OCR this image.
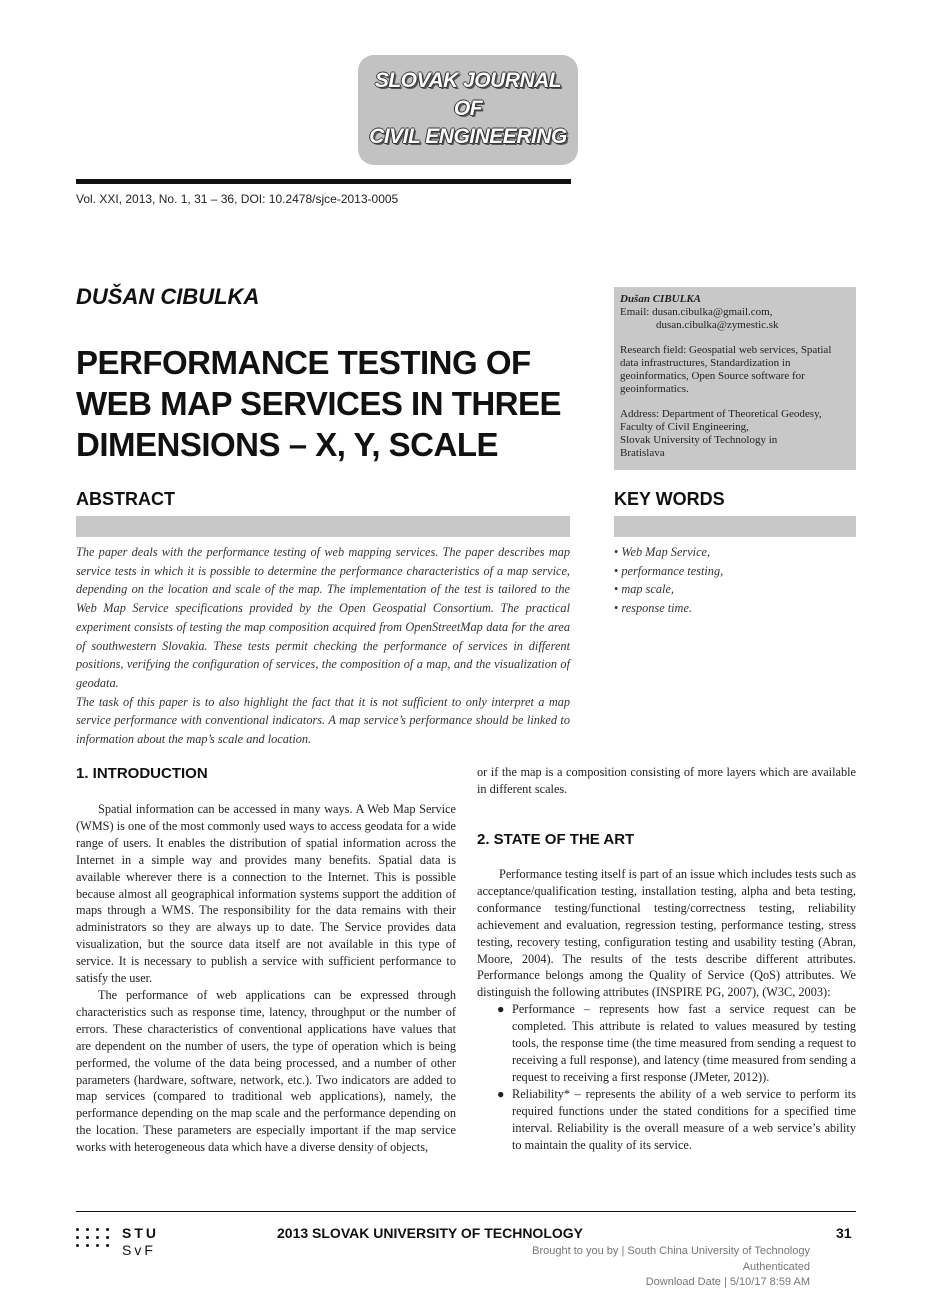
SLOVAK JOURNAL
OF
CIVIL ENGINEERING
Vol. XXI, 2013, No. 1, 31 – 36, DOI: 10.2478/sjce-2013-0005
DUŠAN CIBULKA
PERFORMANCE TESTING OF
WEB MAP SERVICES IN THREE
DIMENSIONS – X, Y, SCALE
Dušan CIBULKA
Email: dusan.cibulka@gmail.com,
dusan.cibulka@zymestic.sk
Research field: Geospatial web services, Spatial data infrastructures, Standardization in geoinformatics, Open Source software for geoinformatics.
Address: Department of Theoretical Geodesy,
Faculty of Civil Engineering,
Slovak University of Technology in
Bratislava
ABSTRACT

The paper deals with the performance testing of web mapping services. The paper describes map service tests in which it is possible to determine the performance characteristics of a map service, depending on the location and scale of the map. The implementation of the test is tailored to the Web Map Service specifications provided by the Open Geospatial Consortium. The practical experiment consists of testing the map composition acquired from OpenStreetMap data for the area of southwestern Slovakia. These tests permit checking the performance of services in different positions, verifying the configuration of services, the composition of a map, and the visualization of geodata.

The task of this paper is to also highlight the fact that it is not sufficient to only interpret a map service performance with conventional indicators. A map service’s performance should be linked to information about the map’s scale and location.

KEY WORDS
• Web Map Service,
• performance testing,
• map scale,
• response time.
1. INTRODUCTION

Spatial information can be accessed in many ways. A Web Map Service (WMS) is one of the most commonly used ways to access geodata for a wide range of users. It enables the distribution of spatial information across the Internet in a simple way and provides many benefits. Spatial data is available wherever there is a connection to the Internet. This is possible because almost all geographical information systems support the addition of maps through a WMS. The responsibility for the data remains with their administrators so they are always up to date. The Service provides data visualization, but the source data itself are not available in this type of service. It is necessary to publish a service with sufficient performance to satisfy the user.

The performance of web applications can be expressed through characteristics such as response time, latency, throughput or the number of errors. These characteristics of conventional applications have values that are dependent on the number of users, the type of operation which is being performed, the volume of the data being processed, and a number of other parameters (hardware, software, network, etc.). Two indicators are added to map services (compared to traditional web applications), namely, the performance depending on the map scale and the performance depending on the location. These parameters are especially important if the map service works with heterogeneous data which have a diverse density of objects,

or if the map is a composition consisting of more layers which are available in different scales.

2. STATE OF THE ART

Performance testing itself is part of an issue which includes tests such as acceptance/qualification testing, installation testing, alpha and beta testing, conformance testing/functional testing/correctness testing, reliability achievement and evaluation, regression testing, performance testing, stress testing, recovery testing, configuration testing and usability testing (Abran, Moore, 2004). The results of the tests describe different attributes. Performance belongs among the Quality of Service (QoS) attributes. We distinguish the following attributes (INSPIRE PG, 2007), (W3C, 2003):

● Performance – represents how fast a service request can be completed. This attribute is related to values measured by testing tools, the response time (the time measured from sending a request to receiving a full response), and latency (time measured from sending a request to receiving a first response (JMeter, 2012)).
● Reliability* – represents the ability of a web service to perform its required functions under the stated conditions for a specified time interval. Reliability is the overall measure of a web service’s ability to maintain the quality of its service.
STU
SvF
2013 SLOVAK UNIVERSITY OF TECHNOLOGY	31
Brought to you by | South China University of Technology
Authenticated
Download Date | 5/10/17 8:59 AM
